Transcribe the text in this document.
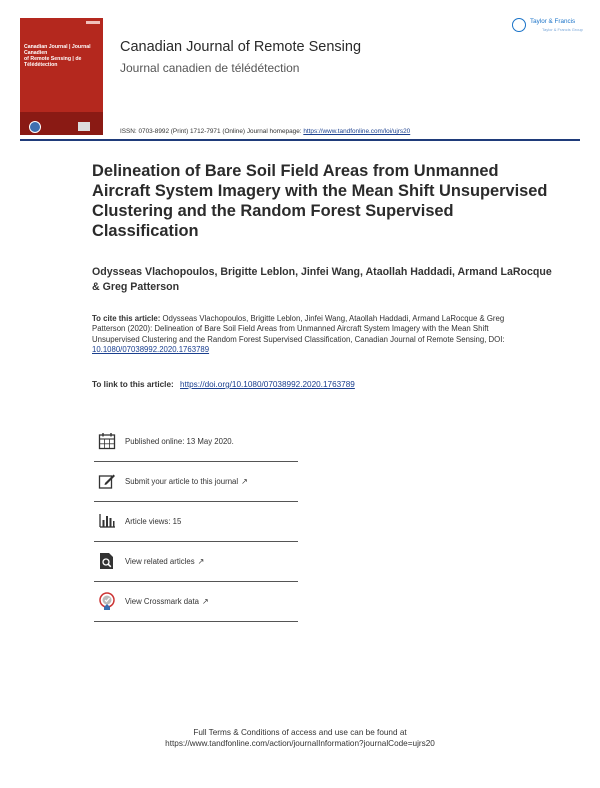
Canadian Journal | Journal Canadien
of Remote Sensing | de Télédétection
Canadian Journal of Remote Sensing
Journal canadien de télédétection
ISSN: 0703-8992 (Print) 1712-7971 (Online) Journal homepage: https://www.tandfonline.com/loi/ujrs20
Taylor & Francis
Taylor & Francis Group
Delineation of Bare Soil Field Areas from Unmanned Aircraft System Imagery with the Mean Shift Unsupervised Clustering and the Random Forest Supervised Classification
Odysseas Vlachopoulos, Brigitte Leblon, Jinfei Wang, Ataollah Haddadi, Armand LaRocque & Greg Patterson
To cite this article: Odysseas Vlachopoulos, Brigitte Leblon, Jinfei Wang, Ataollah Haddadi, Armand LaRocque & Greg Patterson (2020): Delineation of Bare Soil Field Areas from Unmanned Aircraft System Imagery with the Mean Shift Unsupervised Clustering and the Random Forest Supervised Classification, Canadian Journal of Remote Sensing, DOI: 10.1080/07038992.2020.1763789
To link to this article: https://doi.org/10.1080/07038992.2020.1763789
Published online: 13 May 2020.
Submit your article to this journal ↗
Article views: 15
View related articles ↗
View Crossmark data ↗
Full Terms & Conditions of access and use can be found at
https://www.tandfonline.com/action/journalInformation?journalCode=ujrs20
